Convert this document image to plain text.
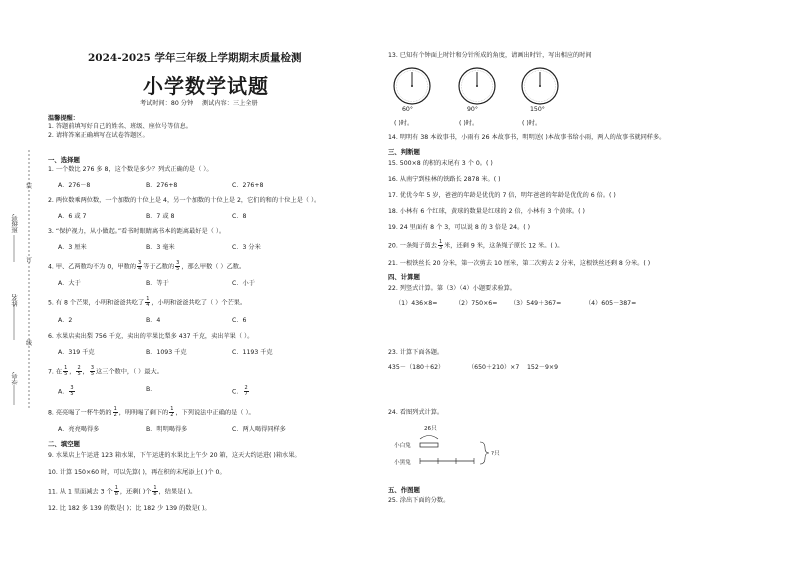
装
订
线
班级号
姓名
学号
2024-2025 学年三年级上学期期末质量检测
小学数学试题
考试时间：80 分钟 测试内容：三上全册
温馨提醒：
1. 答题前填写好自己的姓名、班级、座位号等信息。
2. 请将答案正确填写在试卷答题区。
一、选择题
1. 一个数比 276 多 8，这个数是多少？列式正确的是（ ）。
A．276－8	B．276+8	C．276+8
2. 两位数乘两位数，一个加数的十位上是 4，另一个加数的十位上是 2，它们的和的十位上是（ ）。
A．6 或 7	B．7 或 8	C．8
3. “保护视力，从小做起。”看书时眼睛离书本的距离最好是（ ）。
A．3 厘米	B．3 毫米	C．3 分米
4. 甲、乙两数均不为 0，甲数的 $\frac{3}{4}$ 等于乙数的 $\frac{3}{5}$ ，那么甲数（ ）乙数。
A．大于	B．等于	C．小于
5. 有 8 个芒果，小明和爸爸共吃了 $\frac{1}{4}$ ，小明和爸爸共吃了（ ）个芒果。
A．2	B．4	C．6
6. 水果店卖出梨 756 千克，卖出的苹果比梨多 437 千克，卖出苹果（ ）。
A．319 千克	B．1093 千克	C．1193 千克
7. 在 $\frac{1}{5}$ ， $\frac{2}{5}$ ， $\frac{3}{5}$ 这三个数中，（ ）最大。
A． $\frac{3}{5}$	B．	C． $\frac{2}{7}$
8. 亮亮喝了一杯牛奶的 $\frac{1}{2}$ ，明明喝了剩下的 $\frac{1}{2}$ ，下列说法中正确的是（ ）。
A．亮亮喝得多	B．明明喝得多	C．两人喝得同样多
二、填空题
9. 水果店上午运进 123 箱水果，下午运进的水果比上午少 20 箱，这天大约运进( )箱水果。
10. 计算 150×60 时，可以先算( )，再在积的末尾添上( )个 0。
11. 从 1 里面减去 3 个 $\frac{1}{8}$ ，还剩( )个 $\frac{1}{8}$ ，结果是( )。
12. 比 182 多 139 的数是( )；比 182 少 139 的数是( )。
13. 已知有个钟面上时针和分针所成的角度，请画出时针，写出相应的时间
60°	90°	150°
( )时。	( )时。	( )时。
14. 明明有 38 本故事书，小雨有 26 本故事书，明明送( )本故事书给小雨，两人的故事书就同样多。
三、判断题
15. 500×8 的积的末尾有 3 个 0。( )
16. 从南宁到桂林的铁路长 2878 米。( )
17. 优优今年 5 岁，爸爸的年龄是优优的 7 倍，明年爸爸的年龄是优优的 6 倍。( )
18. 小林有 6 个红球，黄球的数量是红球的 2 倍，小林有 3 个黄球。( )
19. 24 里面有 8 个 3，可以说 8 的 3 倍是 24。( )
20. 一条绳子剪去 $\frac{1}{3}$ 米，还剩 9 米，这条绳子原长 12 米。( )。
21. 一根铁丝长 20 分米，第一次剪去 10 厘米，第二次剪去 2 分米，这根铁丝还剩 8 分米。( )
四、计算题
22. 列竖式计算。第（3）（4）小题要求验算。
（1）436×8=	（2）750×6= （3）549＋367=	（4）605－387=
23. 计算下面各题。
435－（180＋62）	（650＋210）×7 152－9×9
24. 看图列式计算。
26只
小白兔
小黑兔
?只
五、作图题
25. 涂出下面的分数。
